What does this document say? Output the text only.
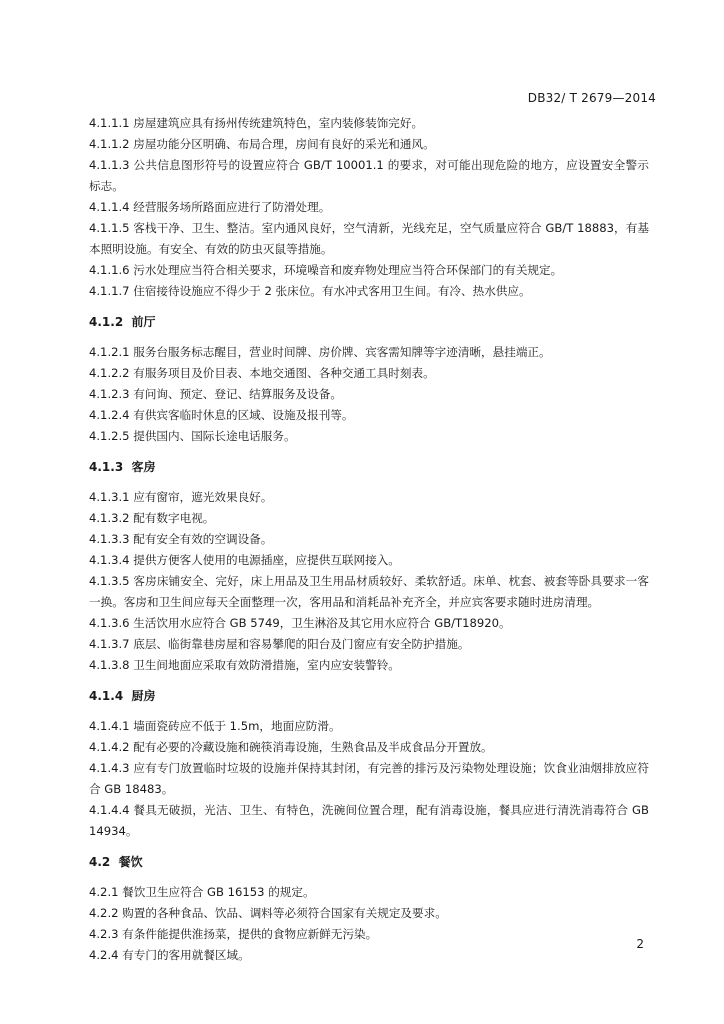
DB32/ T 2679—2014

4.1.1.1 房屋建筑应具有扬州传统建筑特色，室内装修装饰完好。

4.1.1.2 房屋功能分区明确、布局合理，房间有良好的采光和通风。

4.1.1.3 公共信息图形符号的设置应符合 GB/T 10001.1 的要求，对可能出现危险的地方，应设置安全警示标志。

4.1.1.4 经营服务场所路面应进行了防滑处理。

4.1.1.5 客栈干净、卫生、整洁。室内通风良好，空气清新，光线充足，空气质量应符合 GB/T 18883，有基本照明设施。有安全、有效的防虫灭鼠等措施。

4.1.1.6 污水处理应当符合相关要求，环境噪音和废弃物处理应当符合环保部门的有关规定。

4.1.1.7 住宿接待设施应不得少于 2 张床位。有水冲式客用卫生间。有冷、热水供应。

4.1.2  前厅

4.1.2.1 服务台服务标志醒目，营业时间牌、房价牌、宾客需知牌等字迹清晰，悬挂端正。

4.1.2.2 有服务项目及价目表、本地交通图、各种交通工具时刻表。

4.1.2.3 有问询、预定、登记、结算服务及设备。

4.1.2.4 有供宾客临时休息的区域、设施及报刊等。

4.1.2.5 提供国内、国际长途电话服务。

4.1.3  客房

4.1.3.1 应有窗帘，遮光效果良好。

4.1.3.2 配有数字电视。

4.1.3.3 配有安全有效的空调设备。

4.1.3.4 提供方便客人使用的电源插座，应提供互联网接入。

4.1.3.5 客房床铺安全、完好，床上用品及卫生用品材质较好、柔软舒适。床单、枕套、被套等卧具要求一客一换。客房和卫生间应每天全面整理一次，客用品和消耗品补充齐全，并应宾客要求随时进房清理。

4.1.3.6 生活饮用水应符合 GB 5749，卫生淋浴及其它用水应符合 GB/T18920。

4.1.3.7 底层、临街靠巷房屋和容易攀爬的阳台及门窗应有安全防护措施。

4.1.3.8 卫生间地面应采取有效防滑措施，室内应安装警铃。

4.1.4  厨房

4.1.4.1 墙面瓷砖应不低于 1.5m，地面应防滑。

4.1.4.2 配有必要的冷藏设施和碗筷消毒设施，生熟食品及半成食品分开置放。

4.1.4.3 应有专门放置临时垃圾的设施并保持其封闭，有完善的排污及污染物处理设施；饮食业油烟排放应符合 GB 18483。

4.1.4.4 餐具无破损，光洁、卫生、有特色，洗碗间位置合理，配有消毒设施，餐具应进行清洗消毒符合 GB 14934。

4.2  餐饮

4.2.1 餐饮卫生应符合 GB 16153 的规定。

4.2.2 购置的各种食品、饮品、调料等必须符合国家有关规定及要求。

4.2.3 有条件能提供淮扬菜，提供的食物应新鲜无污染。

4.2.4 有专门的客用就餐区域。

2
